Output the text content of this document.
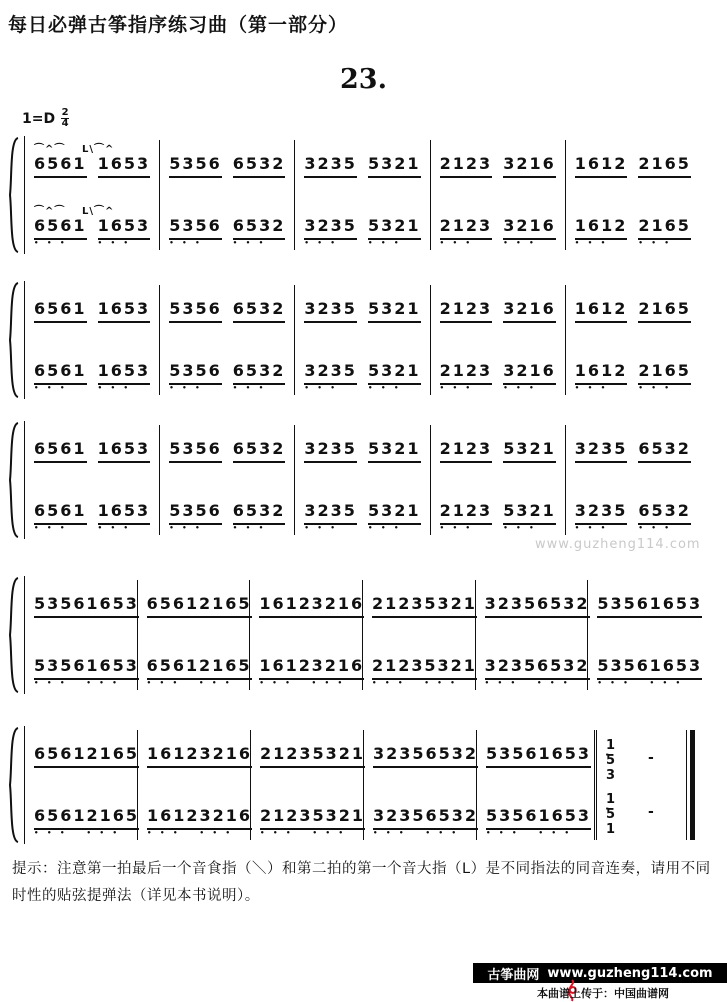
每日必弹古筝指序练习曲（第一部分）
23.
1=D 2
4
6561 1653
6561
•••
1653
•••
5356 6532
5356
•••
6532
•••
3235 5321
3235
•••
5321
•••
2123 3216
2123
•••
3216
•••
1612 2165
1612
•••
2165
•••
⌒^⌒ L\⌒^
⌒^⌒ L\⌒^
6561 1653
6561
•••
1653
•••
5356 6532
5356
•••
6532
•••
3235 5321
3235
•••
5321
•••
2123 3216
2123
•••
3216
•••
1612 2165
1612
•••
2165
•••
6561 1653
6561
•••
1653
•••
5356 6532
5356
•••
6532
•••
3235 5321
3235
•••
5321
•••
2123 5321
2123
•••
5321
•••
3235 6532
3235
•••
6532
•••
5356 1653
5356
•••
1653
•••
6561 2165
6561
•••
2165
•••
1612 3216
1612
•••
3216
•••
2123 5321
2123
•••
5321
•••
3235 6532
3235
•••
6532
•••
5356 1653
5356
•••
1653
•••
6561 2165
6561
•••
2165
•••
1612 3216
1612
•••
3216
•••
2123 5321
2123
•••
5321
•••
3235 6532
3235
•••
6532
•••
5356 1653
5356
•••
1653
•••
1̇53 -
1̇51 -
www.guzheng114.com
提示：注意第一拍最后一个音食指（＼）和第二拍的第一个音大指（L）是不同指法的同音连奏，请用不同时性的贴弦提弹法（详见本书说明）。
古筝曲网 www.guzheng114.com
本曲谱上传于：中国曲谱网
